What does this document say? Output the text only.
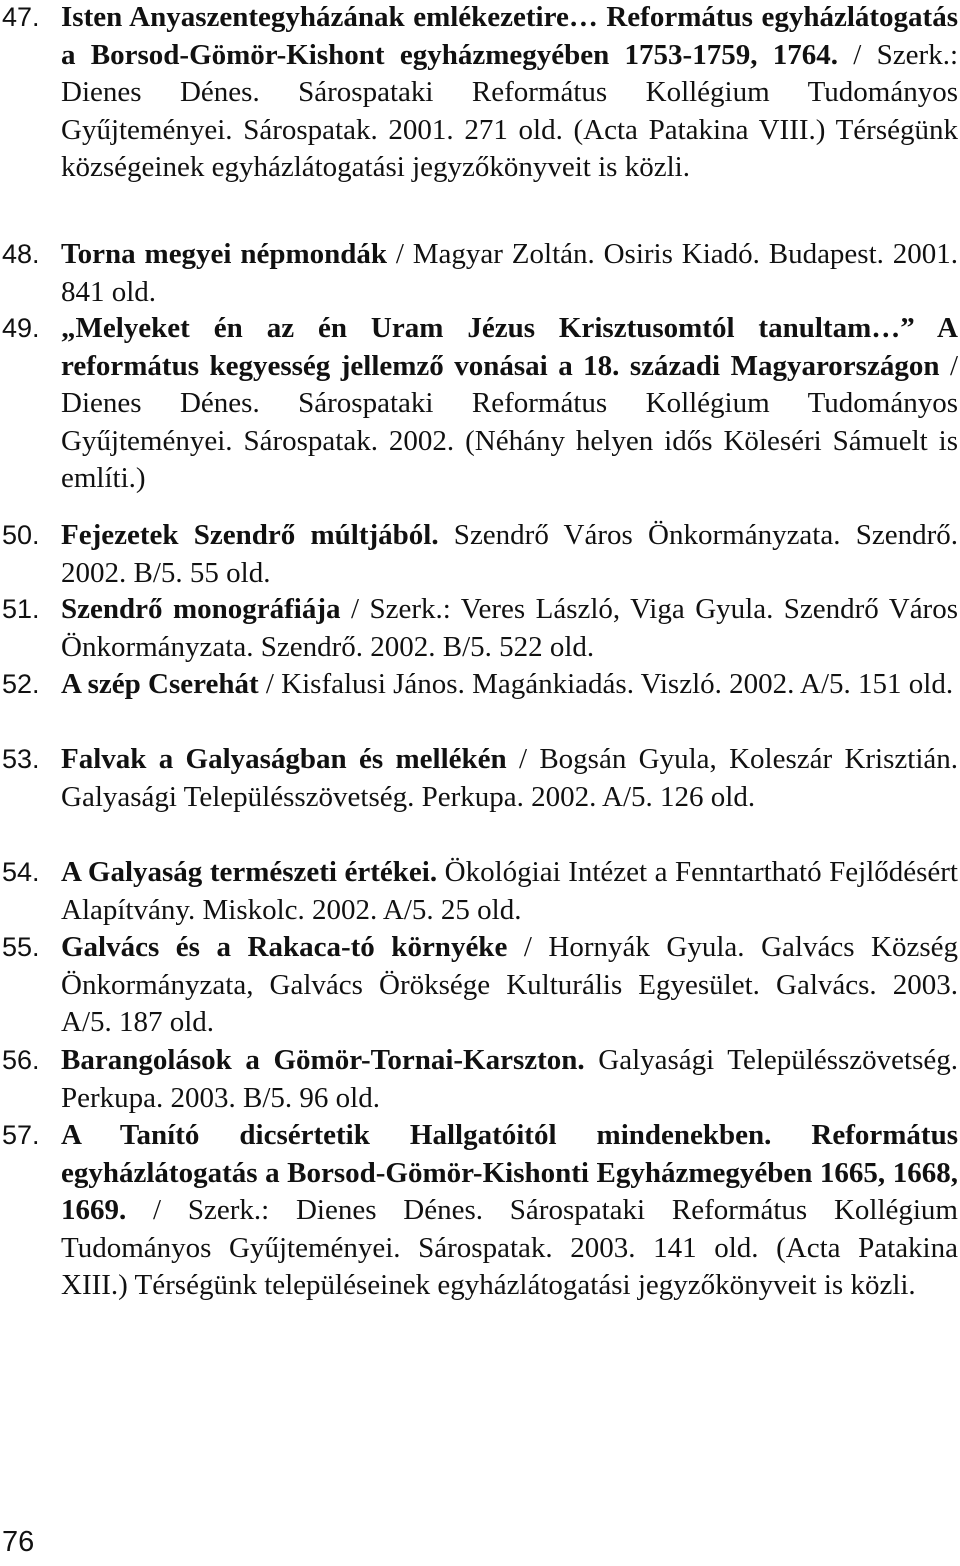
47. Isten Anyaszentegyházának emlékezetire… Református egyházlátogatás a Borsod-Gömör-Kishont egyházmegyében 1753-1759, 1764. / Szerk.: Dienes Dénes. Sárospataki Református Kollégium Tudományos Gyűjteményei. Sárospatak. 2001. 271 old. (Acta Patakina VIII.) Térségünk községeinek egyházlátogatási jegyzőkönyveit is közli.
48. Torna megyei népmondák / Magyar Zoltán. Osiris Kiadó. Budapest. 2001. 841 old.
49. „Melyeket én az én Uram Jézus Krisztusomtól tanultam…” A református kegyesség jellemző vonásai a 18. századi Magyarországon / Dienes Dénes. Sárospataki Református Kollégium Tudományos Gyűjteményei. Sárospatak. 2002. (Néhány helyen idős Köleséri Sámuelt is említi.)
50. Fejezetek Szendrő múltjából. Szendrő Város Önkormányzata. Szendrő. 2002. B/5. 55 old.
51. Szendrő monográfiája / Szerk.: Veres László, Viga Gyula. Szendrő Város Önkormányzata. Szendrő. 2002. B/5. 522 old.
52. A szép Cserehát / Kisfalusi János. Magánkiadás. Viszló. 2002. A/5. 151 old.
53. Falvak a Galyaságban és mellékén / Bogsán Gyula, Koleszár Krisztián. Galyasági Településszövetség. Perkupa. 2002. A/5. 126 old.
54. A Galyaság természeti értékei. Ökológiai Intézet a Fenntartható Fejlődésért Alapítvány. Miskolc. 2002. A/5. 25 old.
55. Galvács és a Rakaca-tó környéke / Hornyák Gyula. Galvács Község Önkormányzata, Galvács Öröksége Kulturális Egyesület. Galvács. 2003. A/5. 187 old.
56. Barangolások a Gömör-Tornai-Karszton. Galyasági Településszövetség. Perkupa. 2003. B/5. 96 old.
57. A Tanító dicsértetik Hallgatóitól mindenekben. Református egyházlátogatás a Borsod-Gömör-Kishonti Egyházmegyében 1665, 1668, 1669. / Szerk.: Dienes Dénes. Sárospataki Református Kollégium Tudományos Gyűjteményei. Sárospatak. 2003. 141 old. (Acta Patakina XIII.) Térségünk településeinek egyházlátogatási jegyzőkönyveit is közli.
76
